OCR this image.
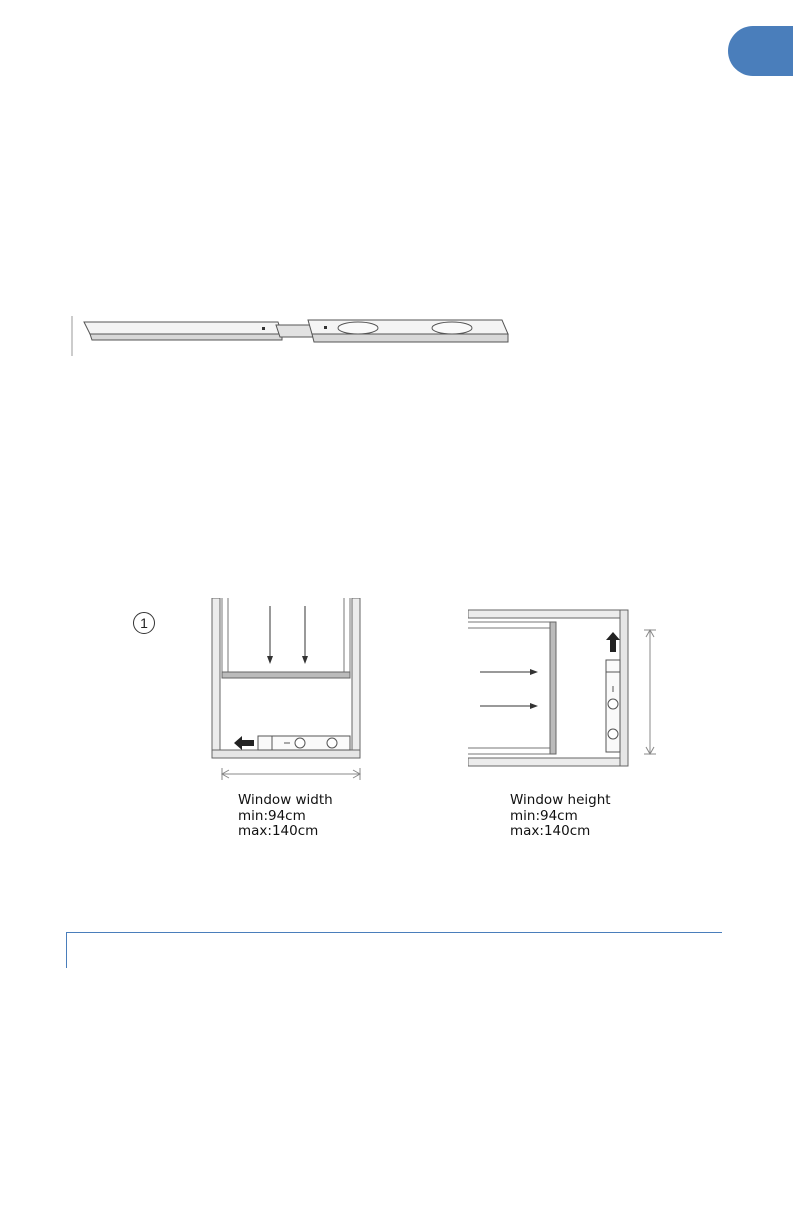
1
Window width
min:94cm
max:140cm
Window height
min:94cm
max:140cm
